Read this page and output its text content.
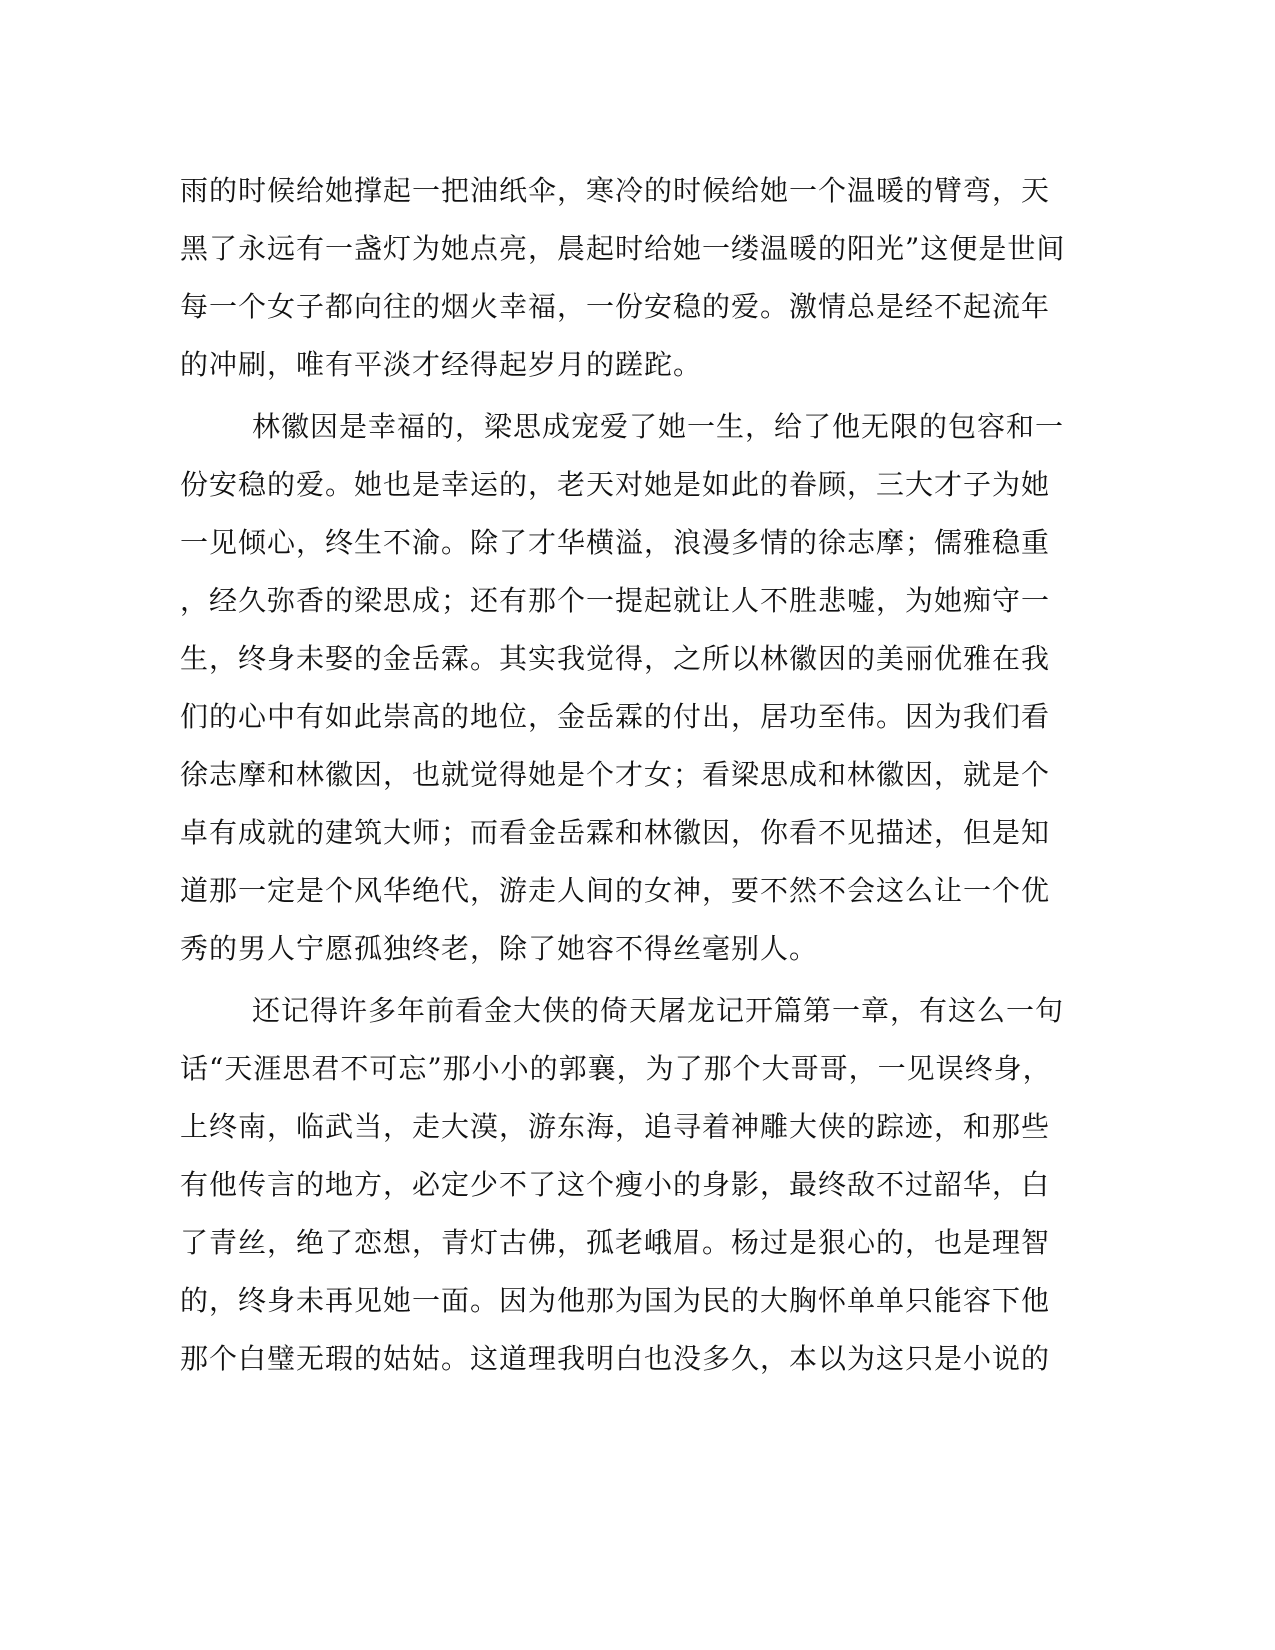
雨的时候给她撑起一把油纸伞，寒冷的时候给她一个温暖的臂弯，天
黑了永远有一盏灯为她点亮，晨起时给她一缕温暖的阳光”这便是世间
每一个女子都向往的烟火幸福，一份安稳的爱。激情总是经不起流年
的冲刷，唯有平淡才经得起岁月的蹉跎。
林徽因是幸福的，梁思成宠爱了她一生，给了他无限的包容和一
份安稳的爱。她也是幸运的，老天对她是如此的眷顾，三大才子为她
一见倾心，终生不渝。除了才华横溢，浪漫多情的徐志摩；儒雅稳重
，经久弥香的梁思成；还有那个一提起就让人不胜悲嘘，为她痴守一
生，终身未娶的金岳霖。其实我觉得，之所以林徽因的美丽优雅在我
们的心中有如此崇高的地位，金岳霖的付出，居功至伟。因为我们看
徐志摩和林徽因，也就觉得她是个才女；看梁思成和林徽因，就是个
卓有成就的建筑大师；而看金岳霖和林徽因，你看不见描述，但是知
道那一定是个风华绝代，游走人间的女神，要不然不会这么让一个优
秀的男人宁愿孤独终老，除了她容不得丝毫别人。
还记得许多年前看金大侠的倚天屠龙记开篇第一章，有这么一句
话“天涯思君不可忘”那小小的郭襄，为了那个大哥哥，一见误终身，
上终南，临武当，走大漠，游东海，追寻着神雕大侠的踪迹，和那些
有他传言的地方，必定少不了这个瘦小的身影，最终敌不过韶华，白
了青丝，绝了恋想，青灯古佛，孤老峨眉。杨过是狠心的，也是理智
的，终身未再见她一面。因为他那为国为民的大胸怀单单只能容下他
那个白璧无瑕的姑姑。这道理我明白也没多久，本以为这只是小说的
